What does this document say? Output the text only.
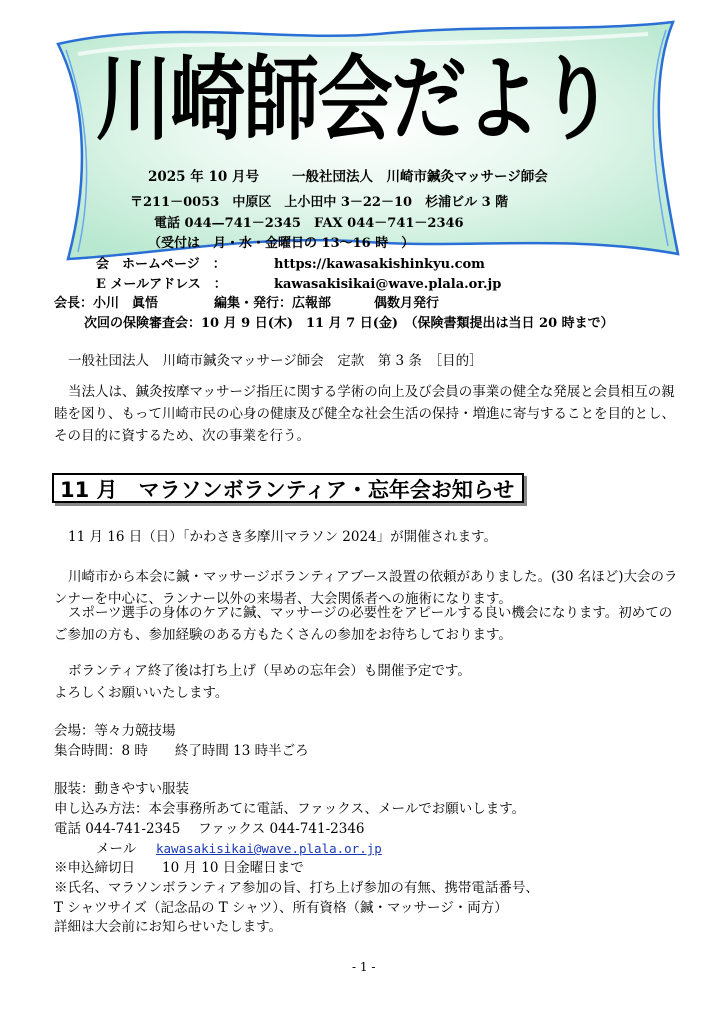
川崎師会だより
2025 年 10 月号 一般社団法人　川崎市鍼灸マッサージ師会
〒211－0053　中原区　上小田中 3－22－10　杉浦ビル 3 階
電話 044—741－2345　FAX 044－741－2346
（受付は　月・水・金曜日の 13～16 時　）
会　ホームページ　：	https://kawasakishinkyu.com
E メールアドレス　：	kawasakisikai@wave.plala.or.jp
会長：小川　眞悟	編集・発行：広報部	偶数月発行
次回の保険審査会：10 月 9 日(木)　11 月 7 日(金)　（保険書類提出は当日 20 時まで）
一般社団法人　川崎市鍼灸マッサージ師会　定款　第 3 条　［目的］
当法人は、鍼灸按摩マッサージ指圧に関する学術の向上及び会員の事業の健全な発展と会員相互の親睦を図り、もって川崎市民の心身の健康及び健全な社会生活の保持・増進に寄与することを目的とし、その目的に資するため、次の事業を行う。
11 月　マラソンボランティア・忘年会お知らせ
11 月 16 日（日）「かわさき多摩川マラソン 2024」が開催されます。
川崎市から本会に鍼・マッサージボランティアブース設置の依頼がありました。(30 名ほど)大会のランナーを中心に、ランナー以外の来場者、大会関係者への施術になります。
スポーツ選手の身体のケアに鍼、マッサージの必要性をアピールする良い機会になります。初めてのご参加の方も、参加経験のある方もたくさんの参加をお待ちしております。
ボランティア終了後は打ち上げ（早めの忘年会）も開催予定です。
よろしくお願いいたします。
会場：等々力競技場
集合時間：8 時　　終了時間 13 時半ごろ
服装：動きやすい服装
申し込み方法：本会事務所あてに電話、ファックス、メールでお願いします。
電話 044-741-2345　 ファックス 044-741-2346
メール kawasakisikai@wave.plala.or.jp
※申込締切日　　10 月 10 日金曜日まで
※氏名、マラソンボランティア参加の旨、打ち上げ参加の有無、携帯電話番号、
T シャツサイズ（記念品の T シャツ）、所有資格（鍼・マッサージ・両方）
詳細は大会前にお知らせいたします。
- 1 -
